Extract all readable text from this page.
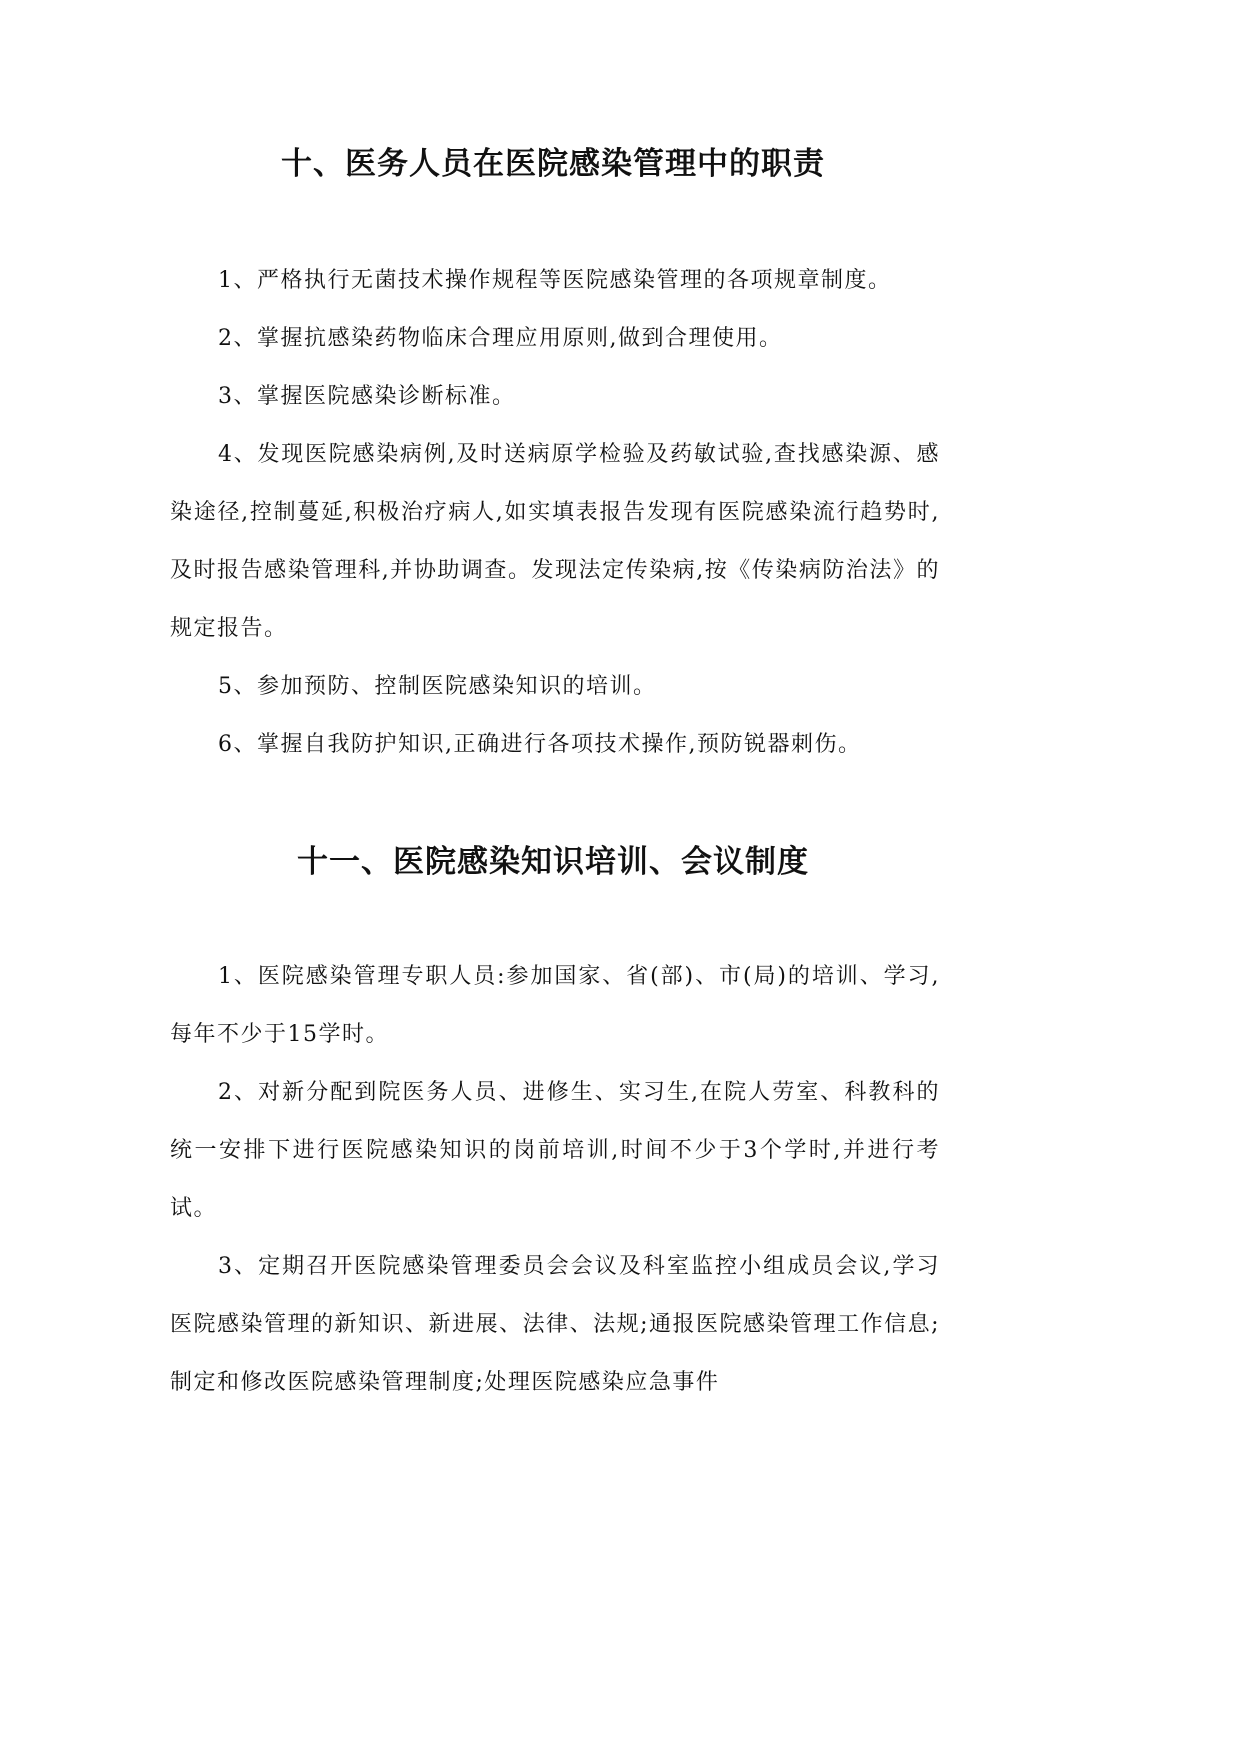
十、医务人员在医院感染管理中的职责

1、严格执行无菌技术操作规程等医院感染管理的各项规章制度。

2、掌握抗感染药物临床合理应用原则,做到合理使用。

3、掌握医院感染诊断标准。

4、发现医院感染病例,及时送病原学检验及药敏试验,查找感染源、感染途径,控制蔓延,积极治疗病人,如实填表报告发现有医院感染流行趋势时,及时报告感染管理科,并协助调查。发现法定传染病,按《传染病防治法》的规定报告。

5、参加预防、控制医院感染知识的培训。

6、掌握自我防护知识,正确进行各项技术操作,预防锐器刺伤。

十一、医院感染知识培训、会议制度

1、医院感染管理专职人员:参加国家、省(部)、市(局)的培训、学习,每年不少于15学时。

2、对新分配到院医务人员、进修生、实习生,在院人劳室、科教科的统一安排下进行医院感染知识的岗前培训,时间不少于3个学时,并进行考试。

3、定期召开医院感染管理委员会会议及科室监控小组成员会议,学习医院感染管理的新知识、新进展、法律、法规;通报医院感染管理工作信息;制定和修改医院感染管理制度;处理医院感染应急事件
